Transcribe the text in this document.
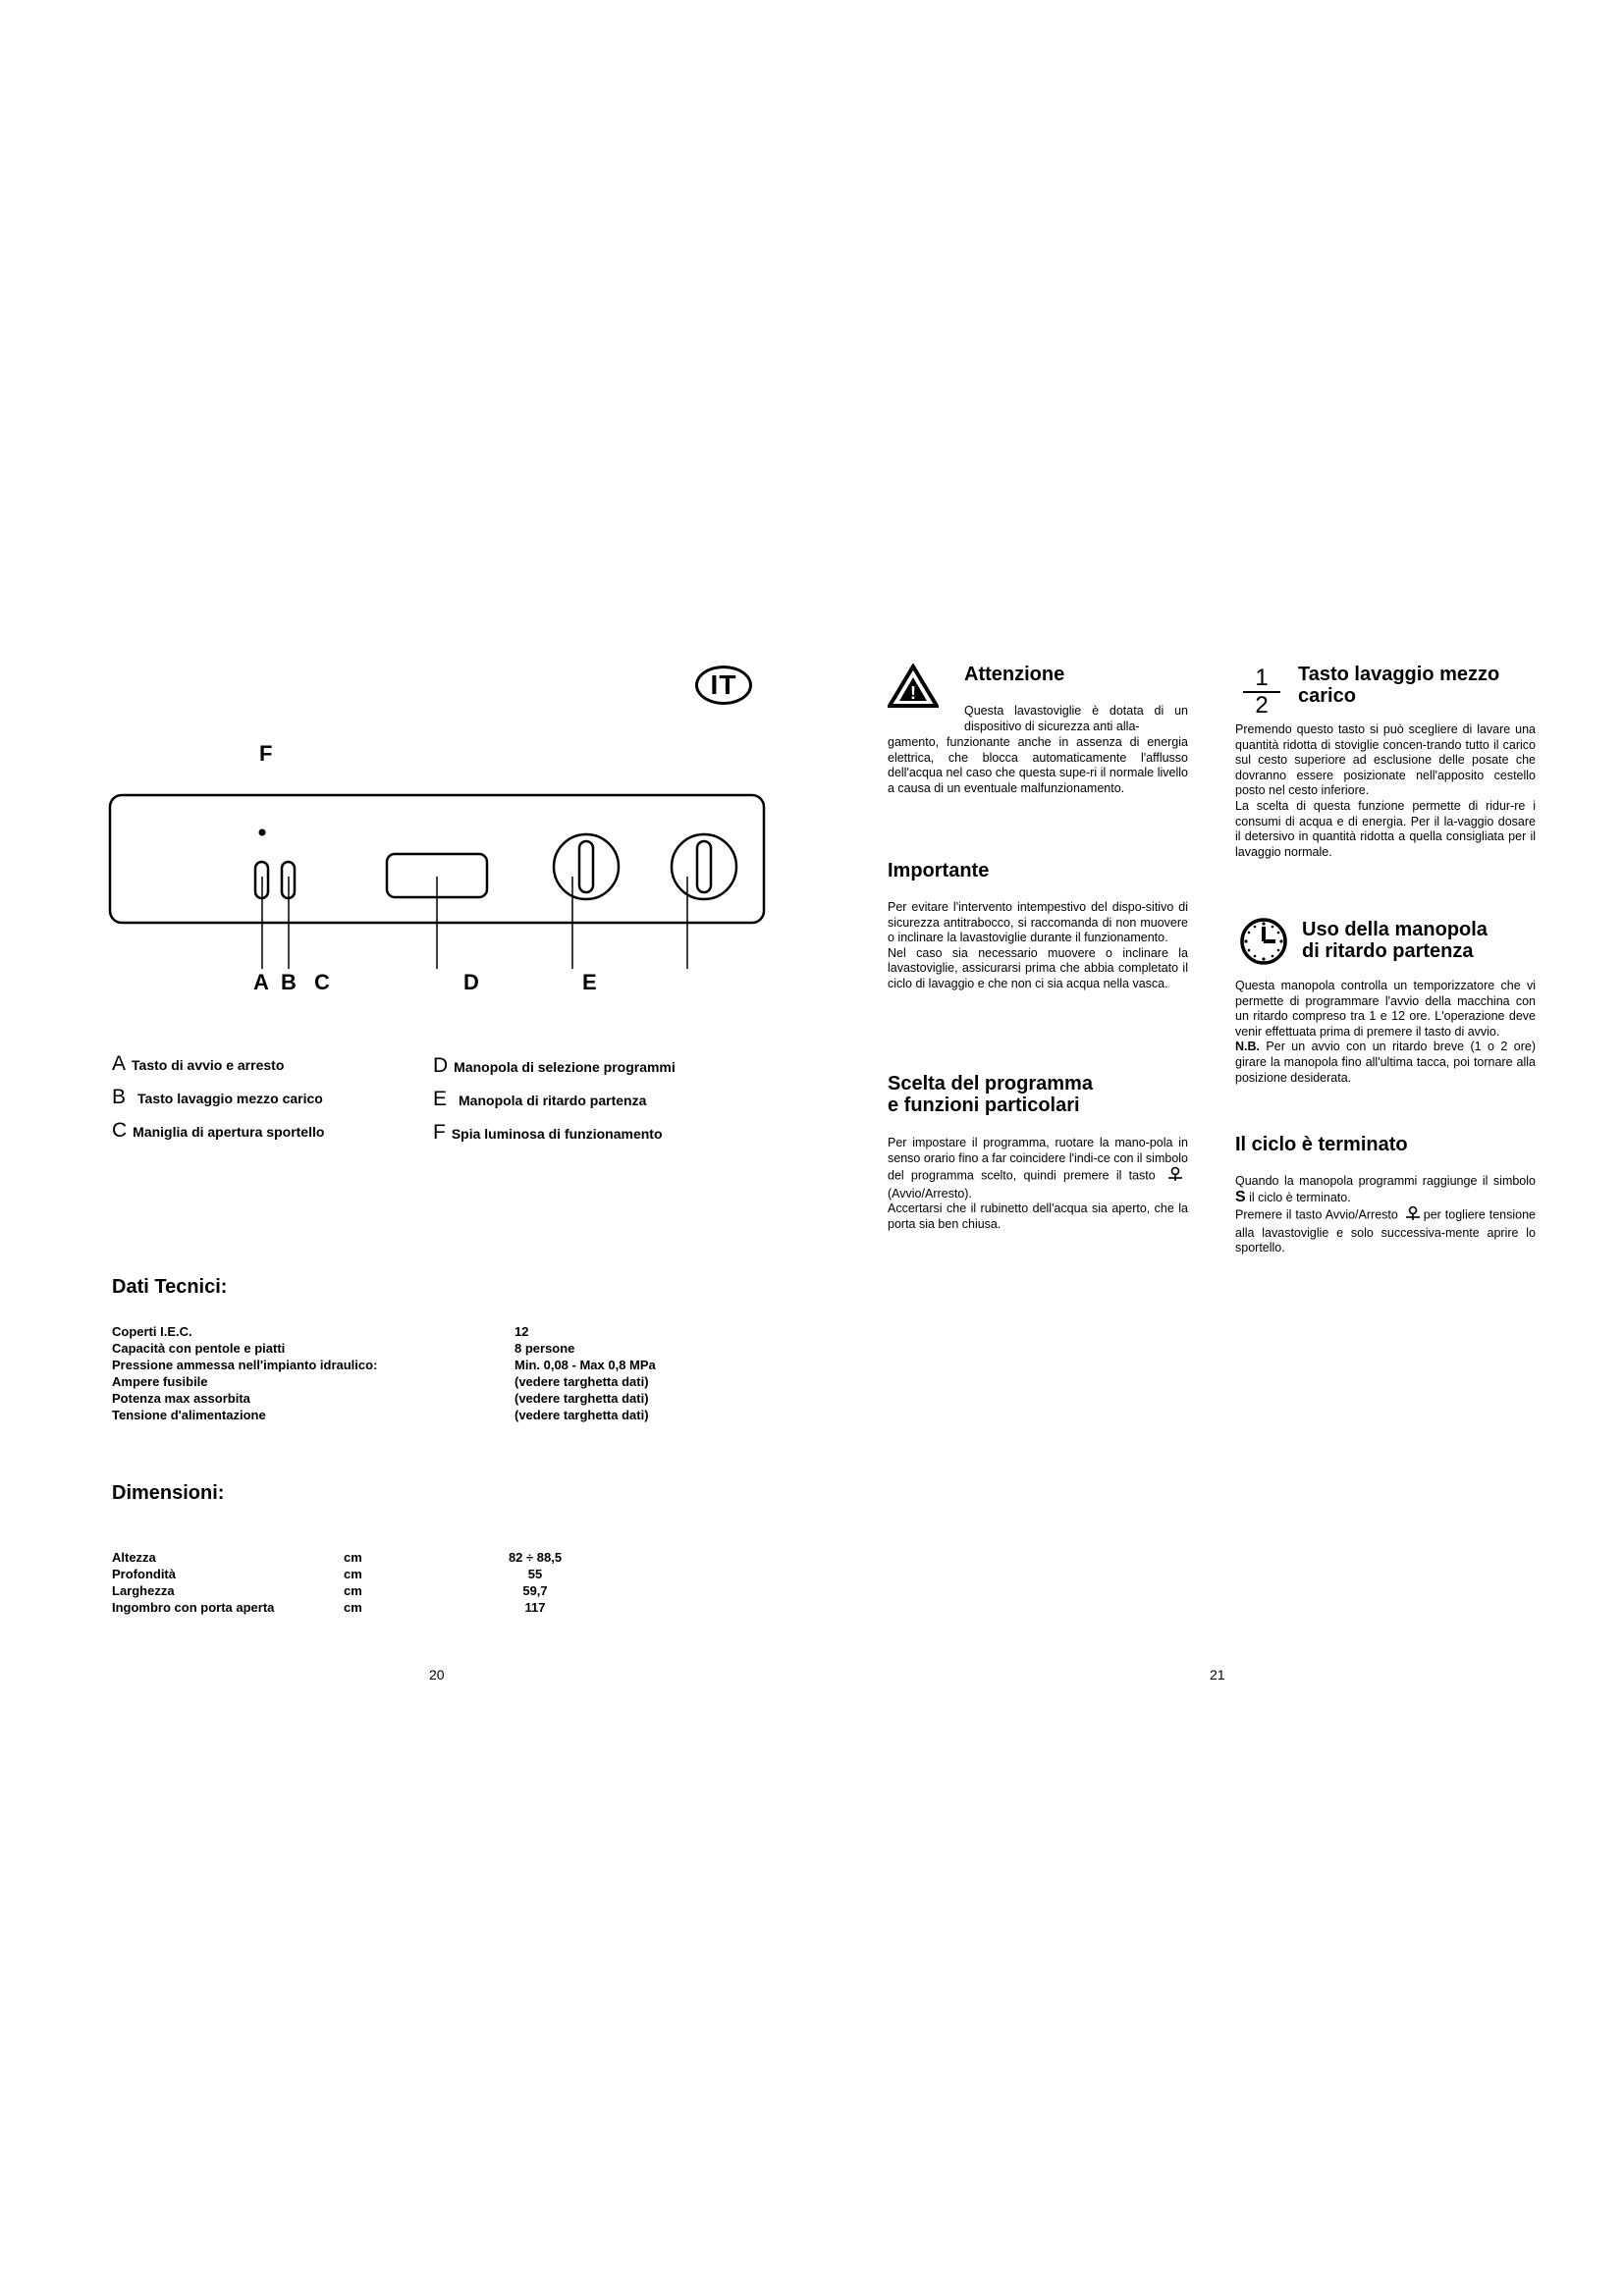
IT
F
A B C	D	E
A Tasto di avvio e arresto
B Tasto lavaggio mezzo carico
C Maniglia di apertura sportello
D Manopola di selezione programmi
E Manopola di ritardo partenza
F Spia luminosa di funzionamento
Dati Tecnici:
Coperti I.E.C.	12
Capacità con pentole e piatti	8 persone
Pressione ammessa nell'impianto idraulico:	Min. 0,08 - Max 0,8 MPa
Ampere fusibile	(vedere targhetta dati)
Potenza max assorbita	(vedere targhetta dati)
Tensione d'alimentazione	(vedere targhetta dati)
Dimensioni:
Altezza	cm	82 ÷ 88,5
Profondità	cm	55
Larghezza	cm	59,7
Ingombro con porta aperta	cm	117
20
!
Attenzione

Questa lavastoviglie è dotata di un dispositivo di sicurezza anti alla-

gamento, funzionante anche in assenza di energia elettrica, che blocca automaticamente l'afflusso dell'acqua nel caso che questa supe-ri il normale livello a causa di un eventuale malfunzionamento.

Importante

Per evitare l'intervento intempestivo del dispo-sitivo di sicurezza antitrabocco, si raccomanda di non muovere o inclinare la lavastoviglie durante il funzionamento.

Nel caso sia necessario muovere o inclinare la lavastoviglie, assicurarsi prima che abbia completato il ciclo di lavaggio e che non ci sia acqua nella vasca.

Scelta del programma
e funzioni particolari

Per impostare il programma, ruotare la mano-pola in senso orario fino a far coincidere l'indi-ce con il simbolo del programma scelto, quindi premere il tasto (Avvio/Arresto).

Accertarsi che il rubinetto dell'acqua sia aperto, che la porta sia ben chiusa.

1
2
Tasto lavaggio mezzo
carico

Premendo questo tasto si può scegliere di lavare una quantità ridotta di stoviglie concen-trando tutto il carico sul cesto superiore ad esclusione delle posate che dovranno essere posizionate nell'apposito cestello posto nel cesto inferiore.

La scelta di questa funzione permette di ridur-re i consumi di acqua e di energia. Per il la-vaggio dosare il detersivo in quantità ridotta a quella consigliata per il lavaggio normale.

Uso della manopola
di ritardo partenza

Questa manopola controlla un temporizzatore che vi permette di programmare l'avvio della macchina con un ritardo compreso tra 1 e 12 ore. L'operazione deve venir effettuata prima di premere il tasto di avvio.

N.B. Per un avvio con un ritardo breve (1 o 2 ore) girare la manopola fino all'ultima tacca, poi tornare alla posizione desiderata.

Il ciclo è terminato

Quando la manopola programmi raggiunge il simbolo S il ciclo è terminato.

Premere il tasto Avvio/Arresto per togliere tensione alla lavastoviglie e solo successiva-mente aprire lo sportello.

21
